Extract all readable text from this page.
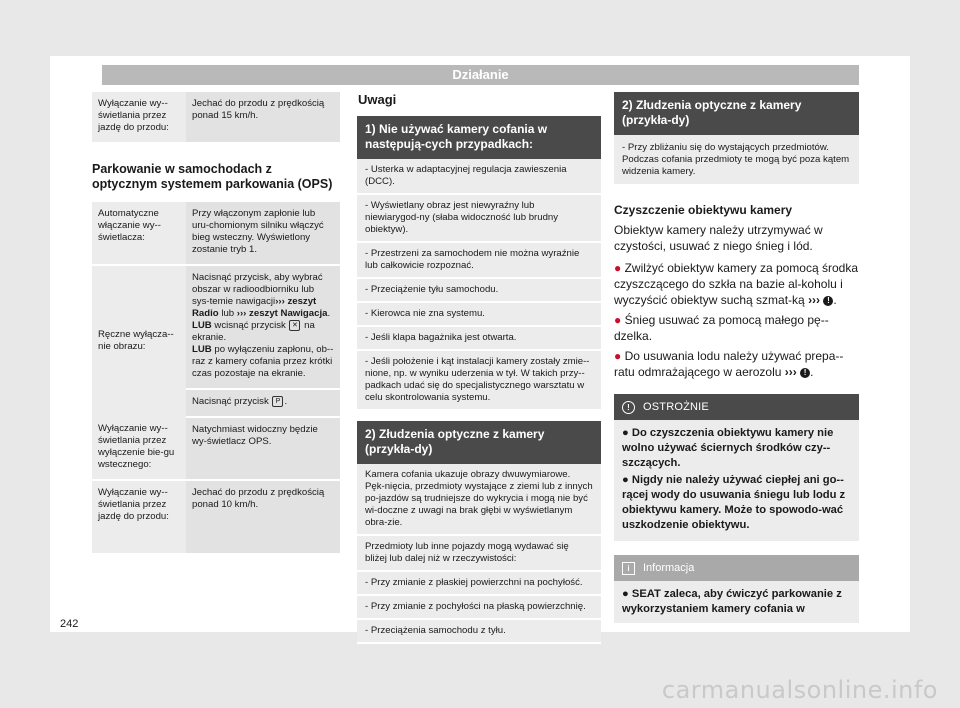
Działanie
Wyłączanie wy-świetlania przez jazdę do przodu:	Jechać do przodu z prędkością ponad 15 km/h.

Parkowanie w samochodach z optycznym systemem parkowania (OPS)

Automatyczne włączanie wy-świetlacza:	Przy włączonym zapłonie lub uru-chomionym silniku włączyć bieg wsteczny. Wyświetlony zostanie tryb 1.
Ręczne wyłącza-nie obrazu:	Nacisnąć przycisk, aby wybrać obszar w radioodbiorniku lub sys-temie nawigacji››› zeszyt Radio lub ››› zeszyt Nawigacja.
LUB wcisnąć przycisk ✕ na ekranie.
LUB po wyłączeniu zapłonu, ob-raz z kamery cofania przez krótki czas pozostaje na ekranie.
	Nacisnąć przycisk P .
Wyłączanie wy-świetlania przez wyłączenie bie-gu wstecznego:	Natychmiast widoczny będzie wy-świetlacz OPS.
Wyłączanie wy-świetlania przez jazdę do przodu:	Jechać do przodu z prędkością ponad 10 km/h.
Uwagi
1) Nie używać kamery cofania w następują-cych przypadkach:
- Usterka w adaptacyjnej regulacja zawieszenia (DCC).
- Wyświetlany obraz jest niewyraźny lub niewiarygod-ny (słaba widoczność lub brudny obiektyw).
- Przestrzeni za samochodem nie można wyraźnie lub całkowicie rozpoznać.
- Przeciążenie tyłu samochodu.
- Kierowca nie zna systemu.
- Jeśli klapa bagażnika jest otwarta.
- Jeśli położenie i kąt instalacji kamery zostały zmie-nione, np. w wyniku uderzenia w tył. W takich przy-padkach udać się do specjalistycznego warsztatu w celu skontrolowania systemu.
2) Złudzenia optyczne z kamery (przykła-dy)
Kamera cofania ukazuje obrazy dwuwymiarowe. Pęk-nięcia, przedmioty wystające z ziemi lub z innych po-jazdów są trudniejsze do wykrycia i mogą nie być wi-doczne z uwagi na brak głębi w wyświetlanym obra-zie.
Przedmioty lub inne pojazdy mogą wydawać się bliżej lub dalej niż w rzeczywistości:
- Przy zmianie z płaskiej powierzchni na pochyłość.
- Przy zmianie z pochyłości na płaską powierzchnię.
- Przeciążenia samochodu z tyłu.
2) Złudzenia optyczne z kamery (przykła-dy)
- Przy zbliżaniu się do wystających przedmiotów. Podczas cofania przedmioty te mogą być poza kątem widzenia kamery.

Czyszczenie obiektywu kamery

Obiektyw kamery należy utrzymywać w czystości, usuwać z niego śnieg i lód.

● Zwilżyć obiektyw kamery za pomocą środka czyszczącego do szkła na bazie al-koholu i wyczyścić obiektyw suchą szmat-ką ››› ! .

● Śnieg usuwać za pomocą małego pę-dzelka.

● Do usuwania lodu należy używać prepa-ratu odmrażającego w aerozolu ››› ! .

! OSTROŻNIE
● Do czyszczenia obiektywu kamery nie wolno używać ściernych środków czy-szczących.
● Nigdy nie należy używać ciepłej ani go-rącej wody do usuwania śniegu lub lodu z obiektywu kamery. Może to spowodo-wać uszkodzenie obiektywu.
i Informacja
● SEAT zaleca, aby ćwiczyć parkowanie z wykorzystaniem kamery cofania w
242
carmanualsonline.info
